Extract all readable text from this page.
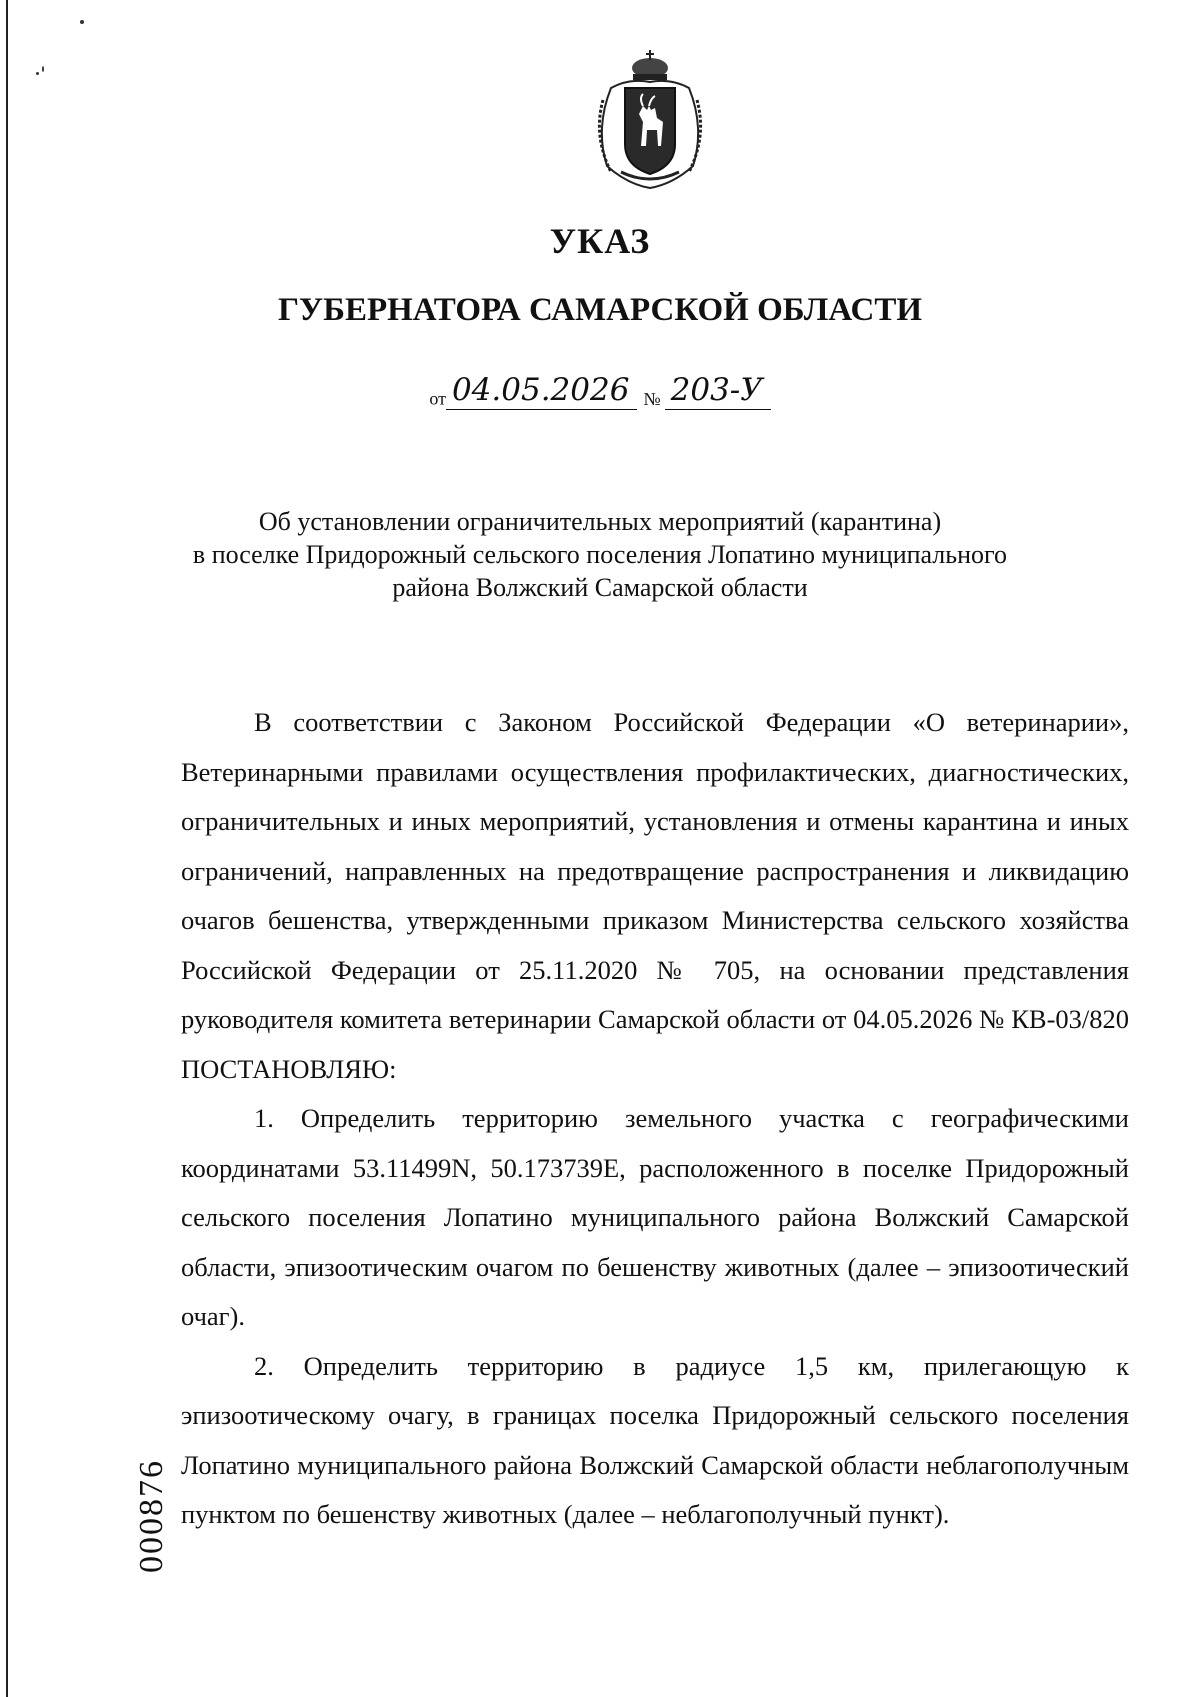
УКАЗ
ГУБЕРНАТОРА САМАРСКОЙ ОБЛАСТИ
от 04.05.2026 № 203-У
Об установлении ограничительных мероприятий (карантина)
в поселке Придорожный сельского поселения Лопатино муниципального
района Волжский Самарской области

В соответствии с Законом Российской Федерации «О ветеринарии», Ветеринарными правилами осуществления профилактических, диагностических, ограничительных и иных мероприятий, установления и отмены карантина и иных ограничений, направленных на предотвращение распространения и ликвидацию очагов бешенства, утвержденными приказом Министерства сельского хозяйства Российской Федерации от 25.11.2020 № 705, на основании представления руководителя комитета ветеринарии Самарской области от 04.05.2026 № КВ-03/820 ПОСТАНОВЛЯЮ:

1. Определить территорию земельного участка с географическими координатами 53.11499N, 50.173739E, расположенного в поселке Придорожный сельского поселения Лопатино муниципального района Волжский Самарской области, эпизоотическим очагом по бешенству животных (далее – эпизоотический очаг).

2. Определить территорию в радиусе 1,5 км, прилегающую к эпизоотическому очагу, в границах поселка Придорожный сельского поселения Лопатино муниципального района Волжский Самарской области неблагополучным пунктом по бешенству животных (далее – неблагополучный пункт).

000876
